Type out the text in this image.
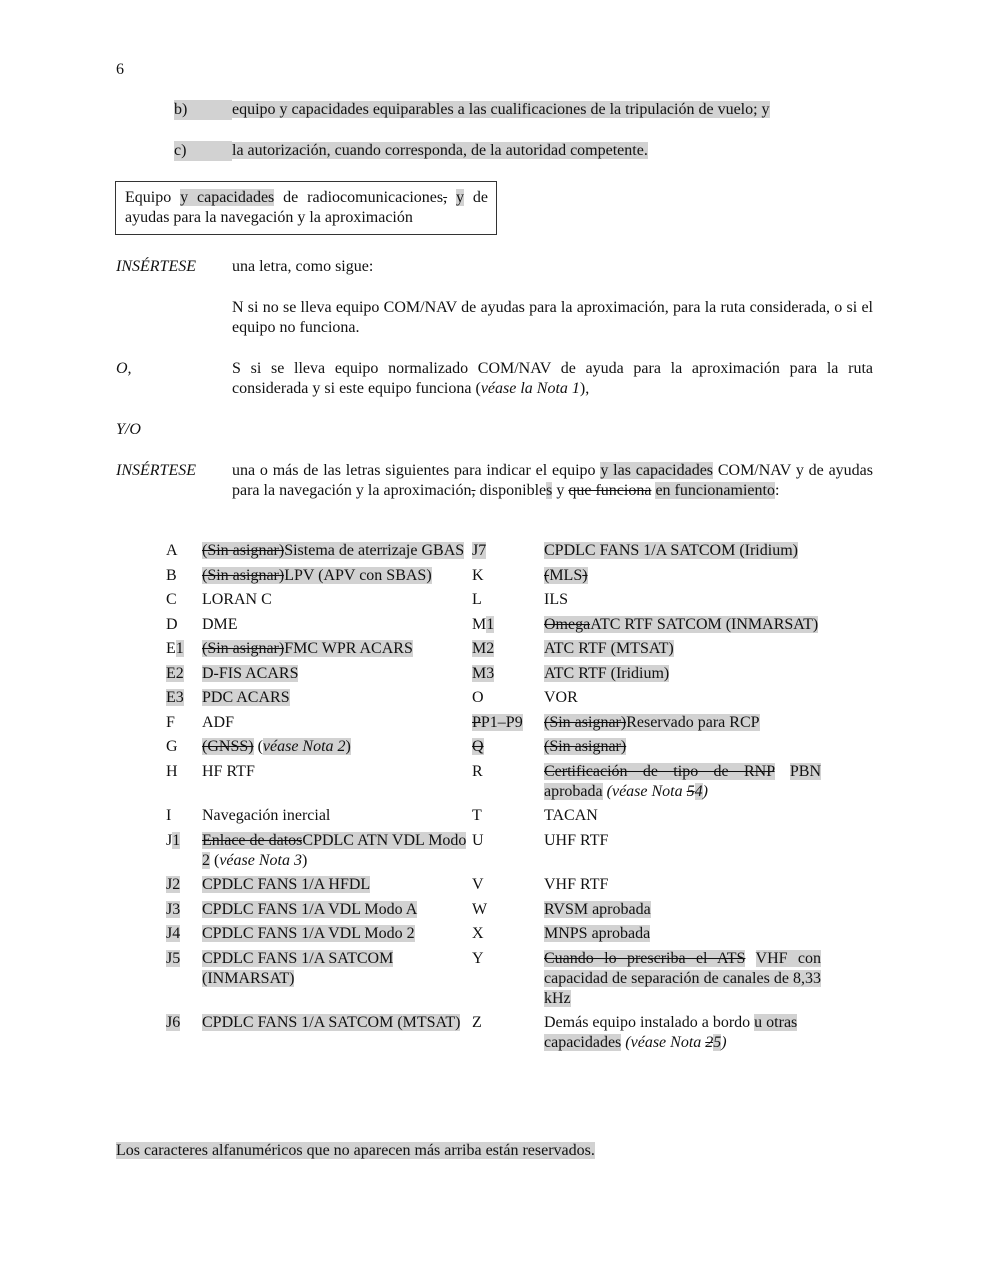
6
b)	equipo y capacidades equiparables a las cualificaciones de la tripulación de vuelo; y
c)	la autorización, cuando corresponda, de la autoridad competente.
Equipo y capacidades de radiocomunicaciones, y de ayudas para la navegación y la aproximación
INSÉRTESE una letra, como sigue:
N si no se lleva equipo COM/NAV de ayudas para la aproximación, para la ruta considerada, o si el equipo no funciona.
O,	S si se lleva equipo normalizado COM/NAV de ayuda para la aproximación para la ruta considerada y si este equipo funciona (véase la Nota 1),
Y/O
INSÉRTESE una o más de las letras siguientes para indicar el equipo y las capacidades COM/NAV y de ayudas para la navegación y la aproximación, disponibles y que funciona en funcionamiento:
A	(Sin asignar)Sistema de aterrizaje GBAS	J7	CPDLC FANS 1/A SATCOM (Iridium)
B	(Sin asignar)LPV (APV con SBAS)	K	(MLS)
C	LORAN C	L	ILS
D	DME	M1	OmegaATC RTF SATCOM (INMARSAT)
E1	(Sin asignar)FMC WPR ACARS	M2	ATC RTF (MTSAT)
E2	D-FIS ACARS	M3	ATC RTF (Iridium)
E3	PDC ACARS	O	VOR
F	ADF	PP1–P9	(Sin asignar)Reservado para RCP
G	(GNSS) (véase Nota 2)	Q	(Sin asignar)
H	HF RTF	R	Certificación de tipo de RNP PBN aprobada (véase Nota 54)
I	Navegación inercial	T	TACAN
J1	Enlace de datosCPDLC ATN VDL Modo 2 (véase Nota 3)	U	UHF RTF
J2	CPDLC FANS 1/A HFDL	V	VHF RTF
J3	CPDLC FANS 1/A VDL Modo A	W	RVSM aprobada
J4	CPDLC FANS 1/A VDL Modo 2	X	MNPS aprobada
J5	CPDLC FANS 1/A SATCOM (INMARSAT)	Y	Cuando lo prescriba el ATS VHF con capacidad de separación de canales de 8,33 kHz
J6	CPDLC FANS 1/A SATCOM (MTSAT)	Z	Demás equipo instalado a bordo u otras capacidades (véase Nota 25)
Los caracteres alfanuméricos que no aparecen más arriba están reservados.
